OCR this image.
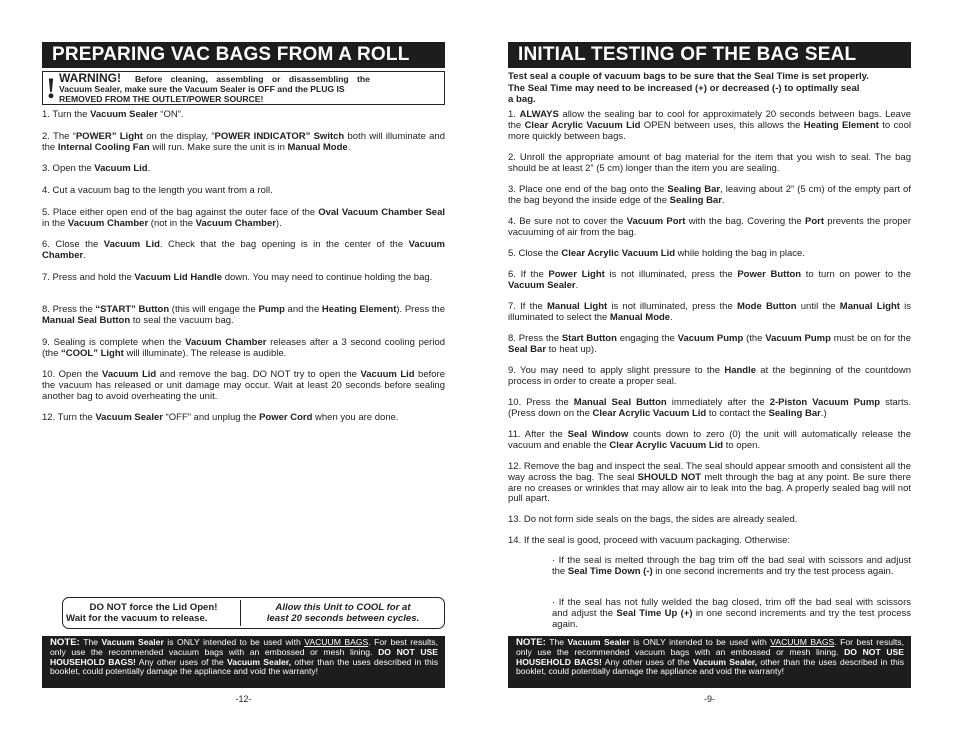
PREPARING VAC BAGS FROM A ROLL
! WARNING! Before cleaning, assembling or disassembling the
Vacuum Sealer, make sure the Vacuum Sealer is OFF and the PLUG IS
REMOVED FROM THE OUTLET/POWER SOURCE!
1. Turn the Vacuum Sealer “ON”.
2. The “POWER” Light on the display, “POWER INDICATOR” Switch both will illuminate and the Internal Cooling Fan will run. Make sure the unit is in Manual Mode.
3. Open the Vacuum Lid.
4. Cut a vacuum bag to the length you want from a roll.
5. Place either open end of the bag against the outer face of the Oval Vacuum Chamber Seal in the Vacuum Chamber (not in the Vacuum Chamber).
6. Close the Vacuum Lid. Check that the bag opening is in the center of the Vacuum Chamber.
7. Press and hold the Vacuum Lid Handle down. You may need to continue holding the bag.
8. Press the “START” Button (this will engage the Pump and the Heating Element). Press the Manual Seal Button to seal the vacuum bag.
9. Sealing is complete when the Vacuum Chamber releases after a 3 second cooling period (the “COOL” Light will illuminate). The release is audible.
10. Open the Vacuum Lid and remove the bag. DO NOT try to open the Vacuum Lid before the vacuum has released or unit damage may occur. Wait at least 20 seconds before sealing another bag to avoid overheating the unit.
12. Turn the Vacuum Sealer “OFF” and unplug the Power Cord when you are done.
DO NOT force the Lid Open!
Wait for the vacuum to release.
Allow this Unit to COOL for at
least 20 seconds between cycles.
NOTE: The Vacuum Sealer is ONLY intended to be used with VACUUM BAGS. For best results, only use the recommended vacuum bags with an embossed or mesh lining. DO NOT USE HOUSEHOLD BAGS! Any other uses of the Vacuum Sealer, other than the uses described in this booklet, could potentially damage the appliance and void the warranty!
-12-
INITIAL TESTING OF THE BAG SEAL
Test seal a couple of vacuum bags to be sure that the Seal Time is set properly.
The Seal Time may need to be increased (+) or decreased (-) to optimally seal
a bag.
1. ALWAYS allow the sealing bar to cool for approximately 20 seconds between bags. Leave the Clear Acrylic Vacuum Lid OPEN between uses, this allows the Heating Element to cool more quickly between bags.
2. Unroll the appropriate amount of bag material for the item that you wish to seal. The bag should be at least 2” (5 cm) longer than the item you are sealing.
3. Place one end of the bag onto the Sealing Bar, leaving about 2” (5 cm) of the empty part of the bag beyond the inside edge of the Sealing Bar.
4. Be sure not to cover the Vacuum Port with the bag. Covering the Port prevents the proper vacuuming of air from the bag.
5. Close the Clear Acrylic Vacuum Lid while holding the bag in place.
6. If the Power Light is not illuminated, press the Power Button to turn on power to the Vacuum Sealer.
7. If the Manual Light is not illuminated, press the Mode Button until the Manual Light is illuminated to select the Manual Mode.
8. Press the Start Button engaging the Vacuum Pump (the Vacuum Pump must be on for the Seal Bar to heat up).
9. You may need to apply slight pressure to the Handle at the beginning of the countdown process in order to create a proper seal.
10. Press the Manual Seal Button immediately after the 2-Piston Vacuum Pump starts. (Press down on the Clear Acrylic Vacuum Lid to contact the Sealing Bar.)
11. After the Seal Window counts down to zero (0) the unit will automatically release the vacuum and enable the Clear Acrylic Vacuum Lid to open.
12. Remove the bag and inspect the seal. The seal should appear smooth and consistent all the way across the bag. The seal SHOULD NOT melt through the bag at any point. Be sure there are no creases or wrinkles that may allow air to leak into the bag. A properly sealed bag will not pull apart.
13. Do not form side seals on the bags, the sides are already sealed.
14. If the seal is good, proceed with vacuum packaging. Otherwise:
· If the seal is melted through the bag trim off the bad seal with scissors and adjust the Seal Time Down (-) in one second increments and try the test process again.
· If the seal has not fully welded the bag closed, trim off the bad seal with scissors and adjust the Seal Time Up (+) in one second increments and try the test process again.
NOTE: The Vacuum Sealer is ONLY intended to be used with VACUUM BAGS. For best results, only use the recommended vacuum bags with an embossed or mesh lining. DO NOT USE HOUSEHOLD BAGS! Any other uses of the Vacuum Sealer, other than the uses described in this booklet, could potentially damage the appliance and void the warranty!
-9-
